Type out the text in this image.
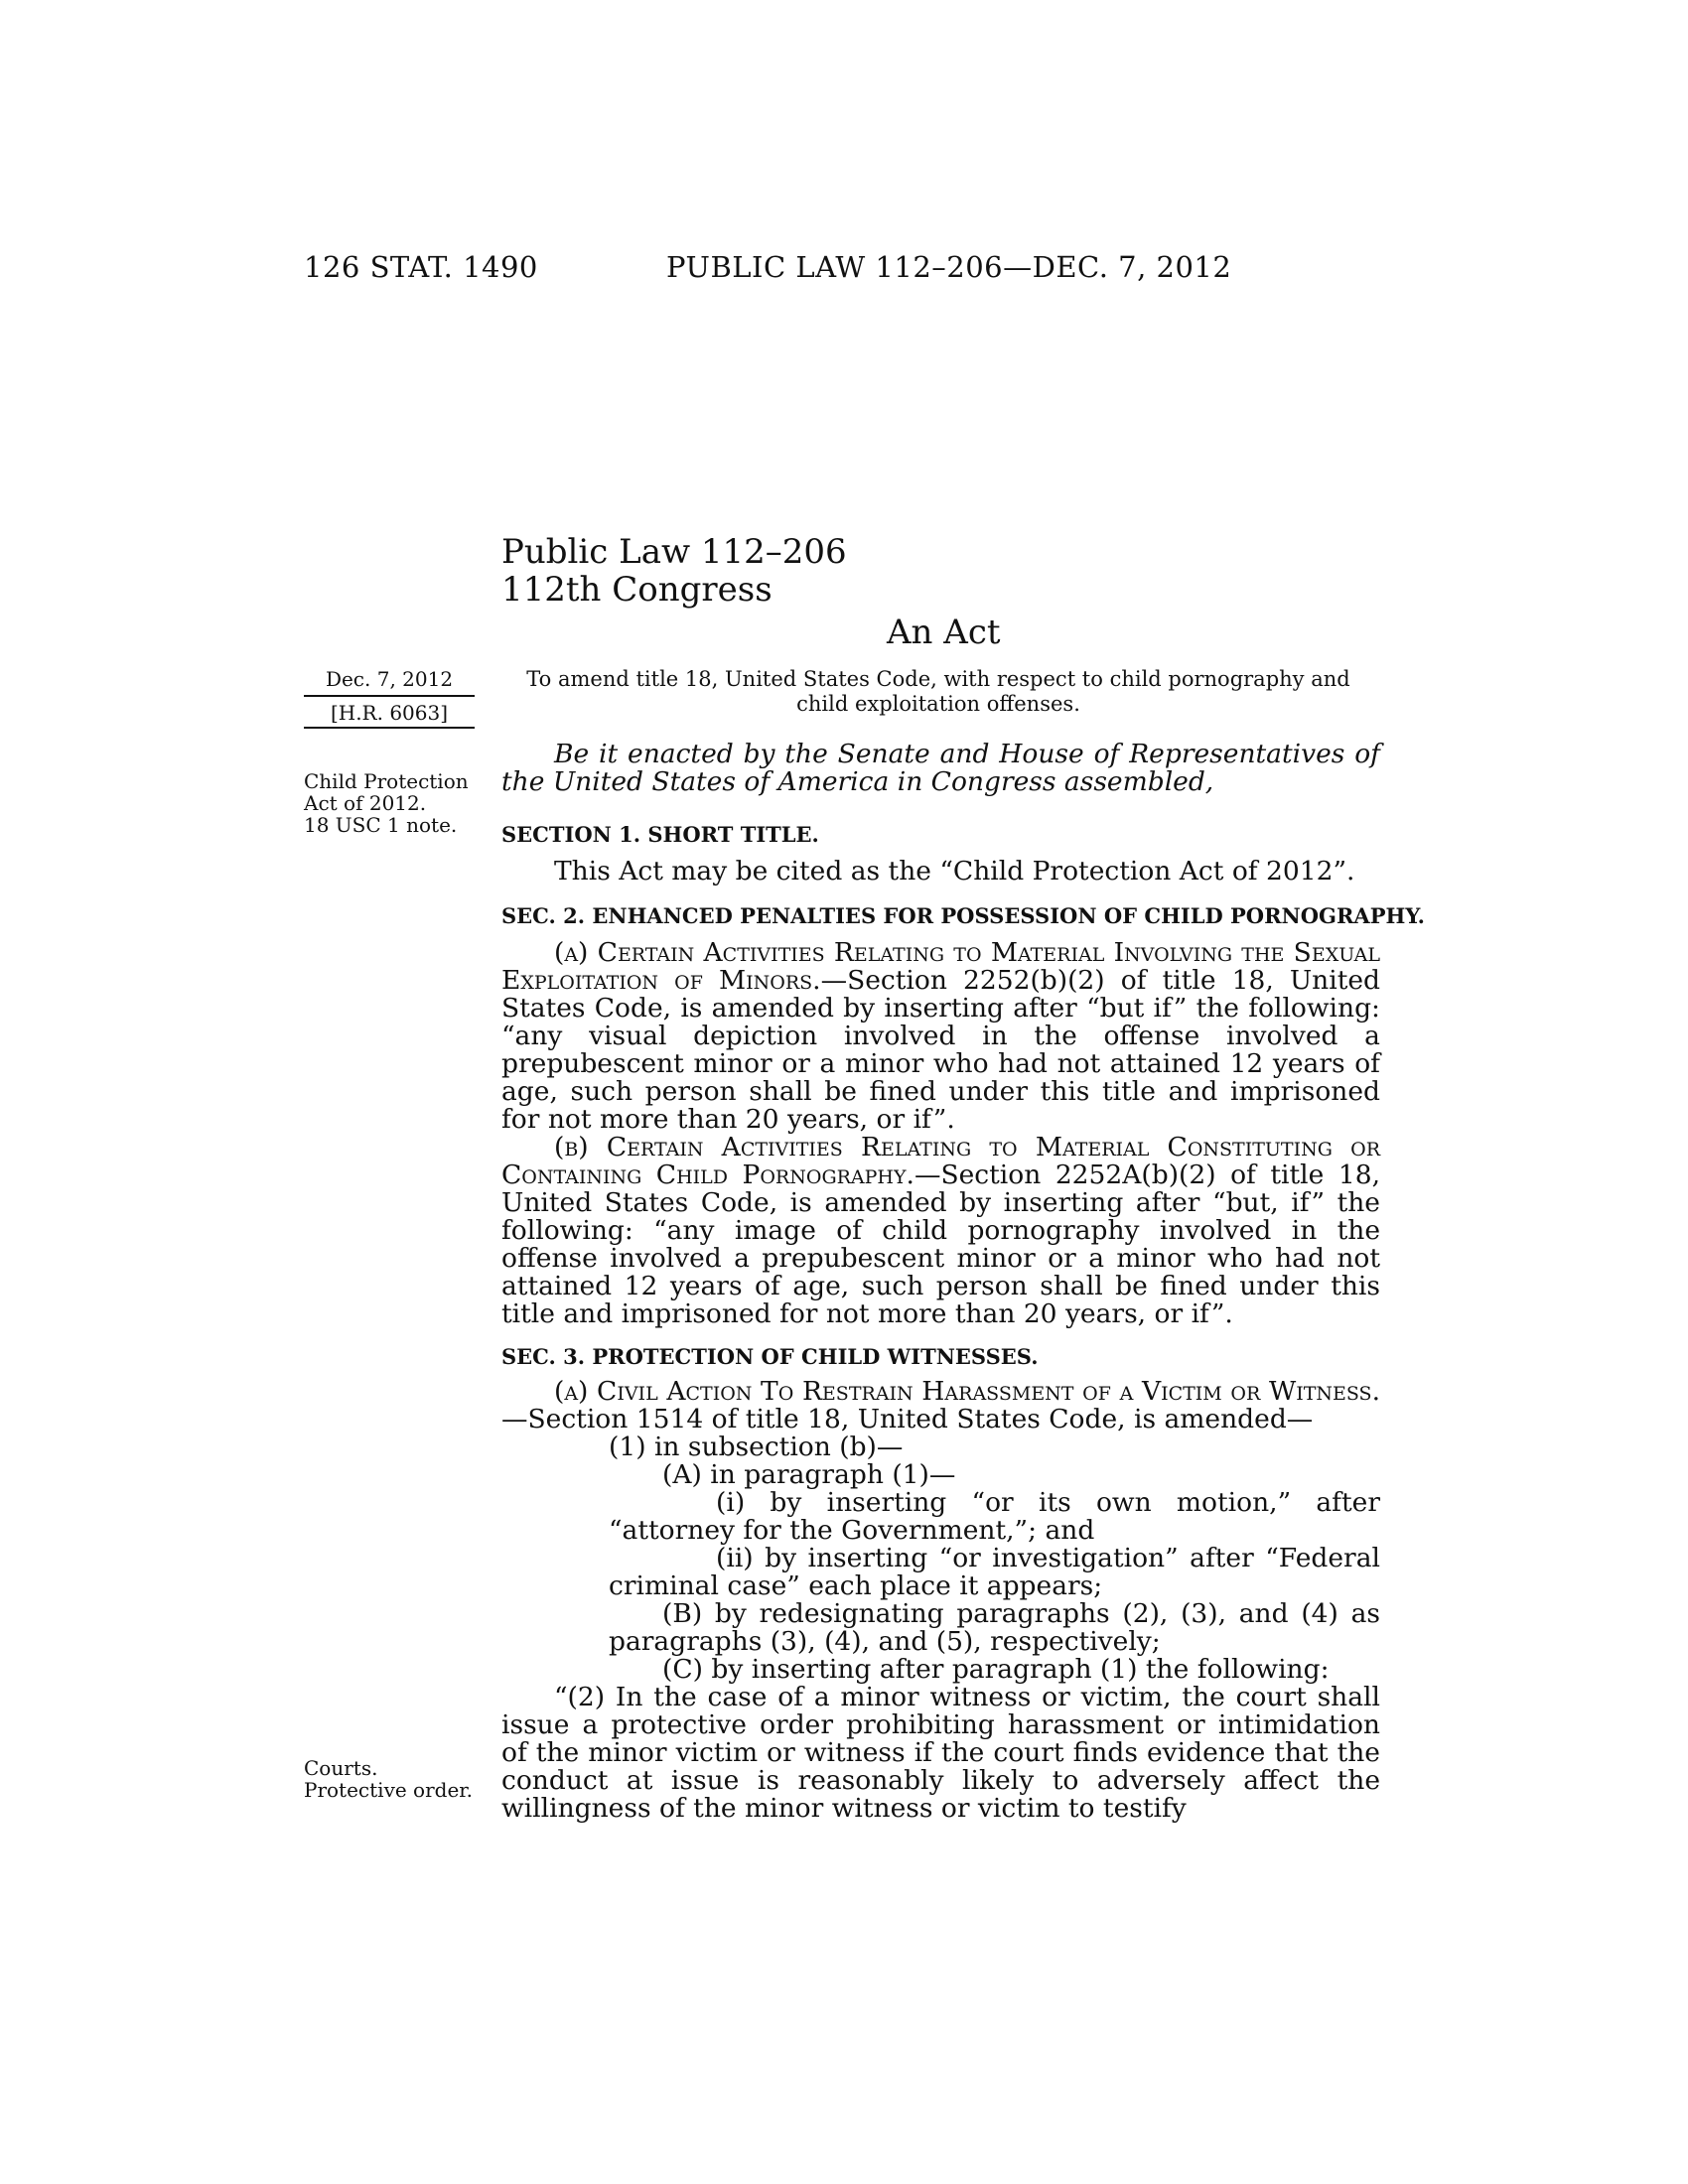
126 STAT. 1490	PUBLIC LAW 112–206—DEC. 7, 2012
Public Law 112–206
112th Congress
An Act
Dec. 7, 2012
[H.R. 6063]
To amend title 18, United States Code, with respect to child pornography and child exploitation offenses.
Child Protection
Act of 2012.
18 USC 1 note.
Courts.
Protective order.

Be it enacted by the Senate and House of Representatives of the United States of America in Congress assembled,

SECTION 1. SHORT TITLE.

This Act may be cited as the “Child Protection Act of 2012”.

SEC. 2. ENHANCED PENALTIES FOR POSSESSION OF CHILD PORNOGRAPHY.

(a) Certain Activities Relating to Material Involving the Sexual Exploitation of Minors.—Section 2252(b)(2) of title 18, United States Code, is amended by inserting after “but if” the following: “any visual depiction involved in the offense involved a prepubescent minor or a minor who had not attained 12 years of age, such person shall be fined under this title and imprisoned for not more than 20 years, or if”.

(b) Certain Activities Relating to Material Constituting or Containing Child Pornography.—Section 2252A(b)(2) of title 18, United States Code, is amended by inserting after “but, if” the following: “any image of child pornography involved in the offense involved a prepubescent minor or a minor who had not attained 12 years of age, such person shall be fined under this title and imprisoned for not more than 20 years, or if”.

SEC. 3. PROTECTION OF CHILD WITNESSES.

(a) Civil Action To Restrain Harassment of a Victim or Witness.—Section 1514 of title 18, United States Code, is amended—

(1) in subsection (b)—

(A) in paragraph (1)—

(i) by inserting “or its own motion,” after “attorney for the Government,”; and

(ii) by inserting “or investigation” after “Federal criminal case” each place it appears;

(B) by redesignating paragraphs (2), (3), and (4) as paragraphs (3), (4), and (5), respectively;

(C) by inserting after paragraph (1) the following:

“(2) In the case of a minor witness or victim, the court shall issue a protective order prohibiting harassment or intimidation of the minor victim or witness if the court finds evidence that the conduct at issue is reasonably likely to adversely affect the willingness of the minor witness or victim to testify
